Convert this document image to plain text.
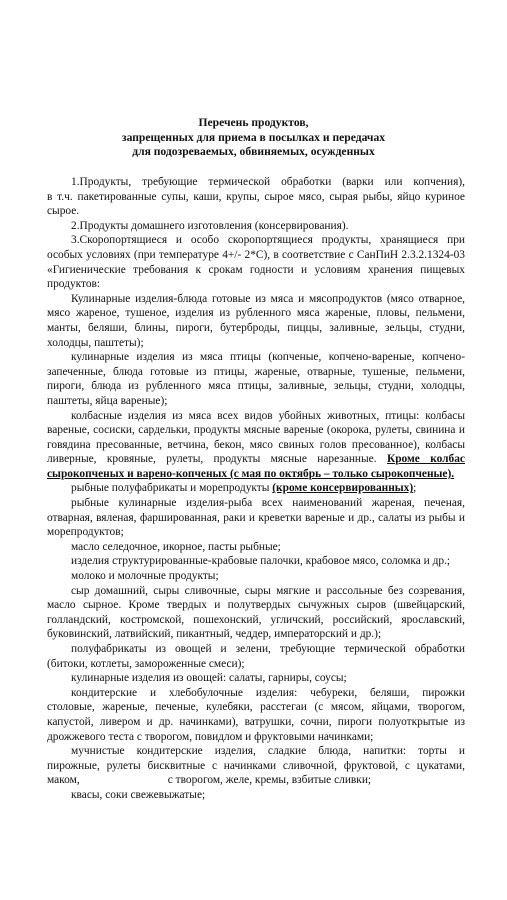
Перечень продуктов,
запрещенных для приема в посылках и передачах
для подозреваемых, обвиняемых, осужденных
1.Продукты, требующие термической обработки (варки или копчения),
в т.ч. пакетированные супы, каши, крупы, сырое мясо, сырая рыбы, яйцо куриное
сырое.
2.Продукты домашнего изготовления (консервирования).
3.Скоропортящиеся и особо скоропортящиеся продукты, хранящиеся при
особых условиях (при температуре 4+/- 2*С), в соответствие с СанПиН 2.3.2.1324-03
«Гигиенические требования к срокам годности и условиям хранения пищевых
продуктов:
Кулинарные изделия-блюда готовые из мяса и мясопродуктов (мясо отварное,
мясо жареное, тушеное, изделия из рубленного мяса жареные, пловы, пельмени,
манты, беляши, блины, пироги, бутерброды, пиццы, заливные, зельцы, студни,
холодцы, паштеты);
кулинарные изделия из мяса птицы (копченые, копчено-вареные, копчено-
запеченные, блюда готовые из птицы, жареные, отварные, тушеные, пельмени,
пироги, блюда из рубленного мяса птицы, заливные, зельцы, студни, холодцы,
паштеты, яйца вареные);
колбасные изделия из мяса всех видов убойных животных, птицы: колбасы
вареные, сосиски, сардельки, продукты мясные вареные (окорока, рулеты, свинина и
говядина пресованные, ветчина, бекон, мясо свиных голов пресованное), колбасы
ливерные, кровяные, рулеты, продукты мясные нарезанные. Кроме колбас
сырокопченых и варено-копченых (с мая по октябрь – только сырокопченые).
рыбные полуфабрикаты и морепродукты (кроме консервированных);
рыбные кулинарные изделия-рыба всех наименований жареная, печеная,
отварная, вяленая, фаршированная, раки и креветки вареные и др., салаты из рыбы и
морепродуктов;
масло селедочное, икорное, пасты рыбные;
изделия структурированные-крабовые палочки, крабовое мясо, соломка и др.;
молоко и молочные продукты;
сыр домашний, сыры сливочные, сыры мягкие и рассольные без созревания,
масло сырное. Кроме твердых и полутвердых сычужных сыров (швейцарский,
голландский, костромской, пошехонский, угличский, российский, ярославский,
буковинский, латвийский, пикантный, чеддер, императорский и др.);
полуфабрикаты из овощей и зелени, требующие термической обработки
(битоки, котлеты, замороженные смеси);
кулинарные изделия из овощей: салаты, гарниры, соусы;
кондитерские и хлебобулочные изделия: чебуреки, беляши, пирожки
столовые, жареные, печеные, кулебяки, расстегаи (с мясом, яйцами, творогом,
капустой, ливером и др. начинками), ватрушки, сочни, пироги полуоткрытые из
дрожжевого теста с творогом, повидлом и фруктовыми начинками;
мучнистые кондитерские изделия, сладкие блюда, напитки: торты и
пирожные, рулеты бисквитные с начинками сливочной, фруктовой, с цукатами,
маком,	с творогом, желе, кремы, взбитые сливки;
квасы, соки свежевыжатые;
